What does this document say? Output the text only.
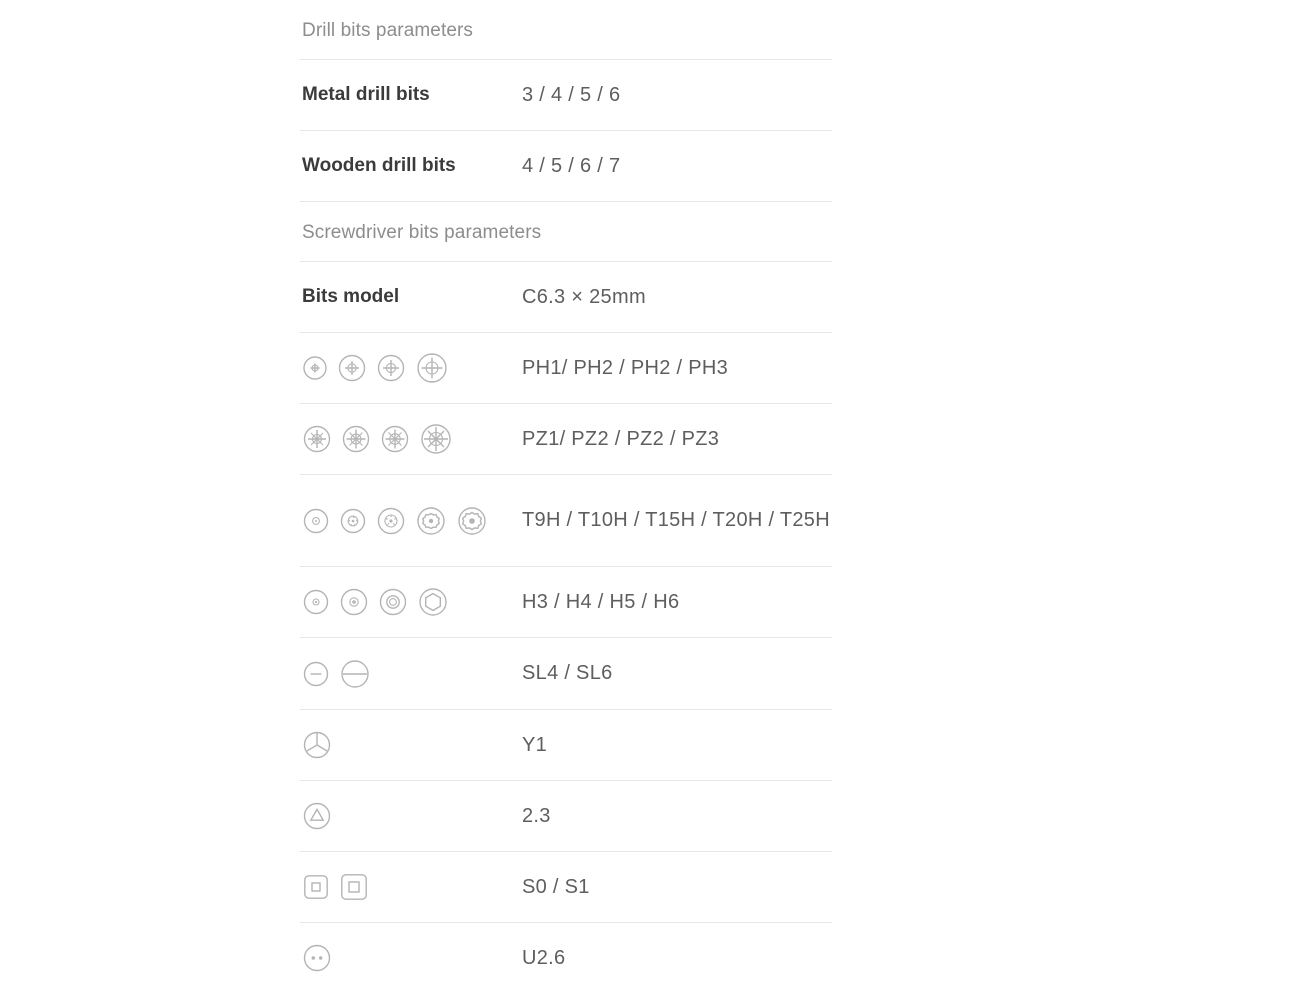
Drill bits parameters
Metal drill bits	3 / 4 / 5 / 6
Wooden drill bits	4 / 5 / 6 / 7
Screwdriver bits parameters
Bits model	C6.3 × 25mm
PH1/ PH2 / PH2 / PH3
PZ1/ PZ2 / PZ2 / PZ3
T9H / T10H / T15H / T20H / T25H
H3 / H4 / H5 / H6
SL4 / SL6
Y1
2.3
S0 / S1
U2.6
